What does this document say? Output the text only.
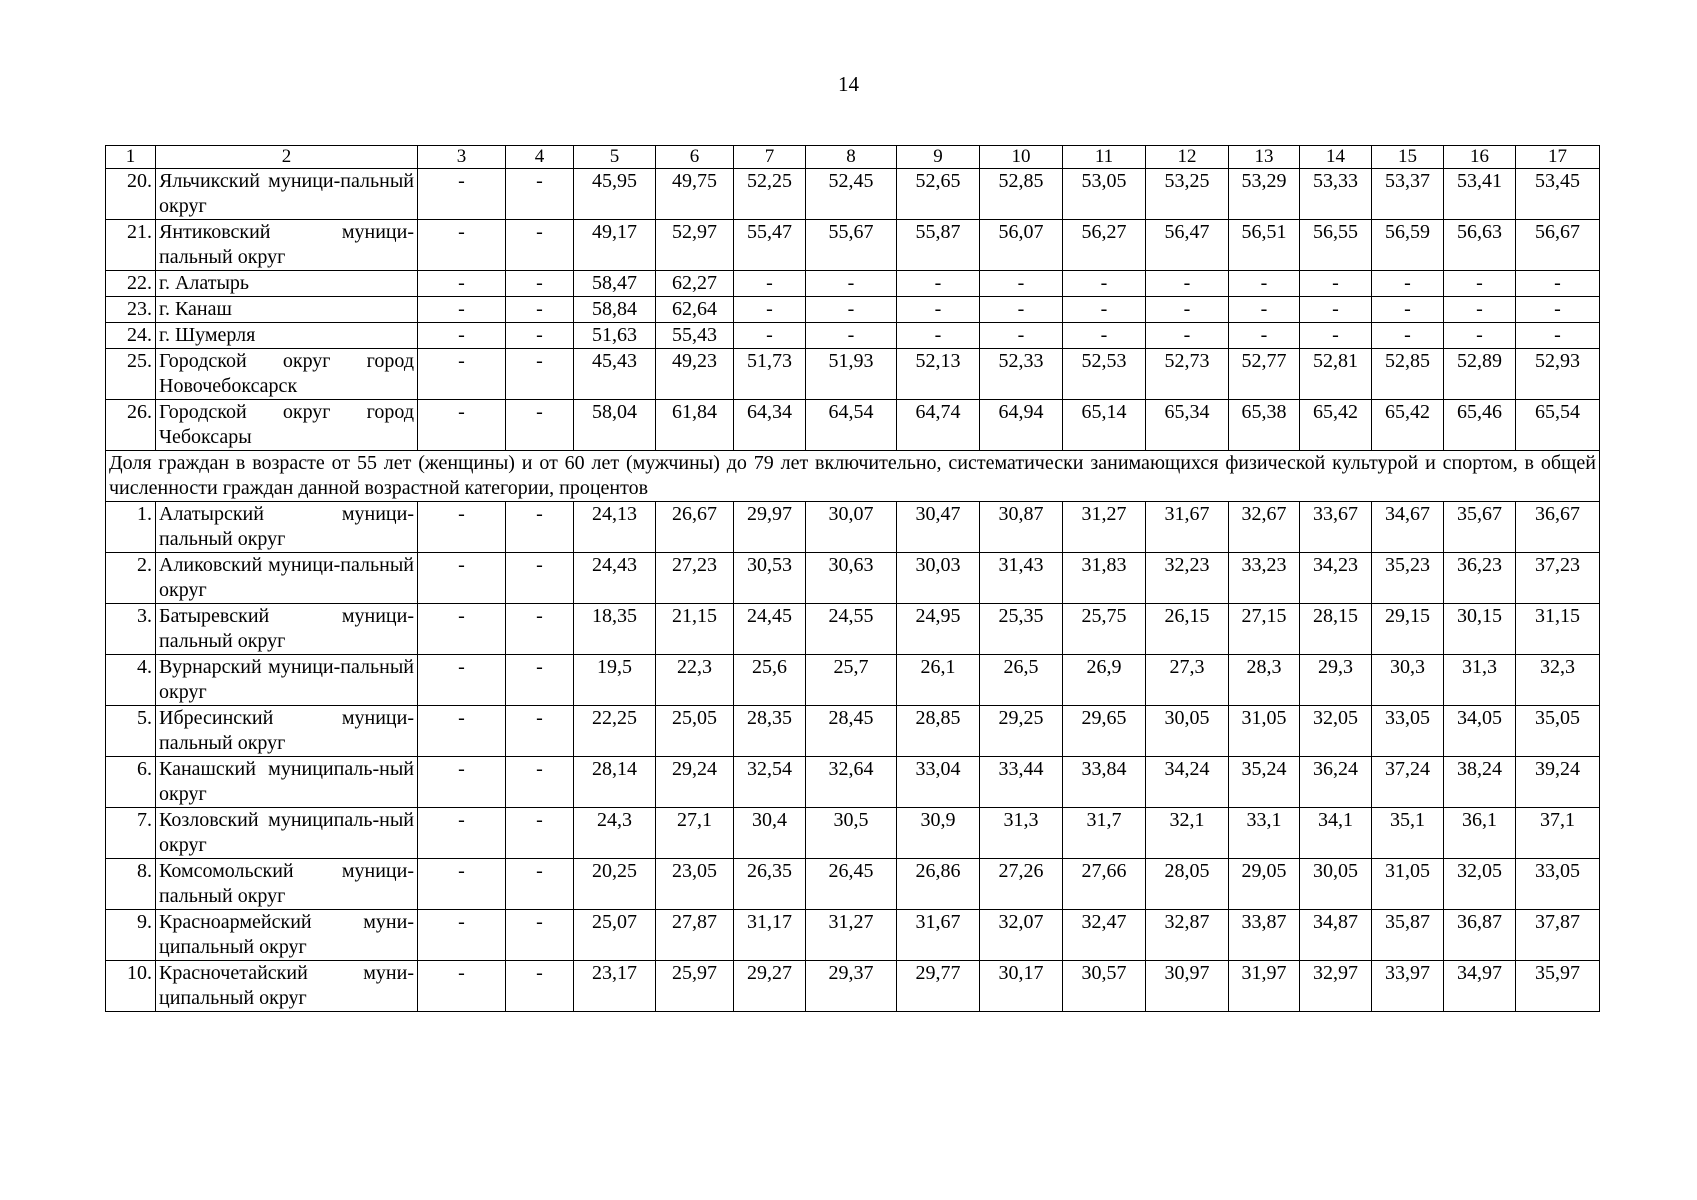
14
1	2	3	4	5	6	7	8	9	10	11	12	13	14	15	16	17
20.	Яльчикский муници-пальный округ	-	-	45,95	49,75	52,25	52,45	52,65	52,85	53,05	53,25	53,29	53,33	53,37	53,41	53,45
21.	Янтиковский муници-пальный округ	-	-	49,17	52,97	55,47	55,67	55,87	56,07	56,27	56,47	56,51	56,55	56,59	56,63	56,67
22.	г. Алатырь	-	-	58,47	62,27	-	-	-	-	-	-	-	-	-	-	-
23.	г. Канаш	-	-	58,84	62,64	-	-	-	-	-	-	-	-	-	-	-
24.	г. Шумерля	-	-	51,63	55,43	-	-	-	-	-	-	-	-	-	-	-
25.	Городской округ город Новочебоксарск	-	-	45,43	49,23	51,73	51,93	52,13	52,33	52,53	52,73	52,77	52,81	52,85	52,89	52,93
26.	Городской округ город Чебоксары	-	-	58,04	61,84	64,34	64,54	64,74	64,94	65,14	65,34	65,38	65,42	65,42	65,46	65,54
Доля граждан в возрасте от 55 лет (женщины) и от 60 лет (мужчины) до 79 лет включительно, систематически занимающихся физической культурой и спортом, в общей численности граждан данной возрастной категории, процентов																
1.	Алатырский муници-пальный округ	-	-	24,13	26,67	29,97	30,07	30,47	30,87	31,27	31,67	32,67	33,67	34,67	35,67	36,67
2.	Аликовский муници-пальный округ	-	-	24,43	27,23	30,53	30,63	30,03	31,43	31,83	32,23	33,23	34,23	35,23	36,23	37,23
3.	Батыревский муници-пальный округ	-	-	18,35	21,15	24,45	24,55	24,95	25,35	25,75	26,15	27,15	28,15	29,15	30,15	31,15
4.	Вурнарский муници-пальный округ	-	-	19,5	22,3	25,6	25,7	26,1	26,5	26,9	27,3	28,3	29,3	30,3	31,3	32,3
5.	Ибресинский муници-пальный округ	-	-	22,25	25,05	28,35	28,45	28,85	29,25	29,65	30,05	31,05	32,05	33,05	34,05	35,05
6.	Канашский муниципаль-ный округ	-	-	28,14	29,24	32,54	32,64	33,04	33,44	33,84	34,24	35,24	36,24	37,24	38,24	39,24
7.	Козловский муниципаль-ный округ	-	-	24,3	27,1	30,4	30,5	30,9	31,3	31,7	32,1	33,1	34,1	35,1	36,1	37,1
8.	Комсомольский муници-пальный округ	-	-	20,25	23,05	26,35	26,45	26,86	27,26	27,66	28,05	29,05	30,05	31,05	32,05	33,05
9.	Красноармейский муни-ципальный округ	-	-	25,07	27,87	31,17	31,27	31,67	32,07	32,47	32,87	33,87	34,87	35,87	36,87	37,87
10.	Красночетайский муни-ципальный округ	-	-	23,17	25,97	29,27	29,37	29,77	30,17	30,57	30,97	31,97	32,97	33,97	34,97	35,97
